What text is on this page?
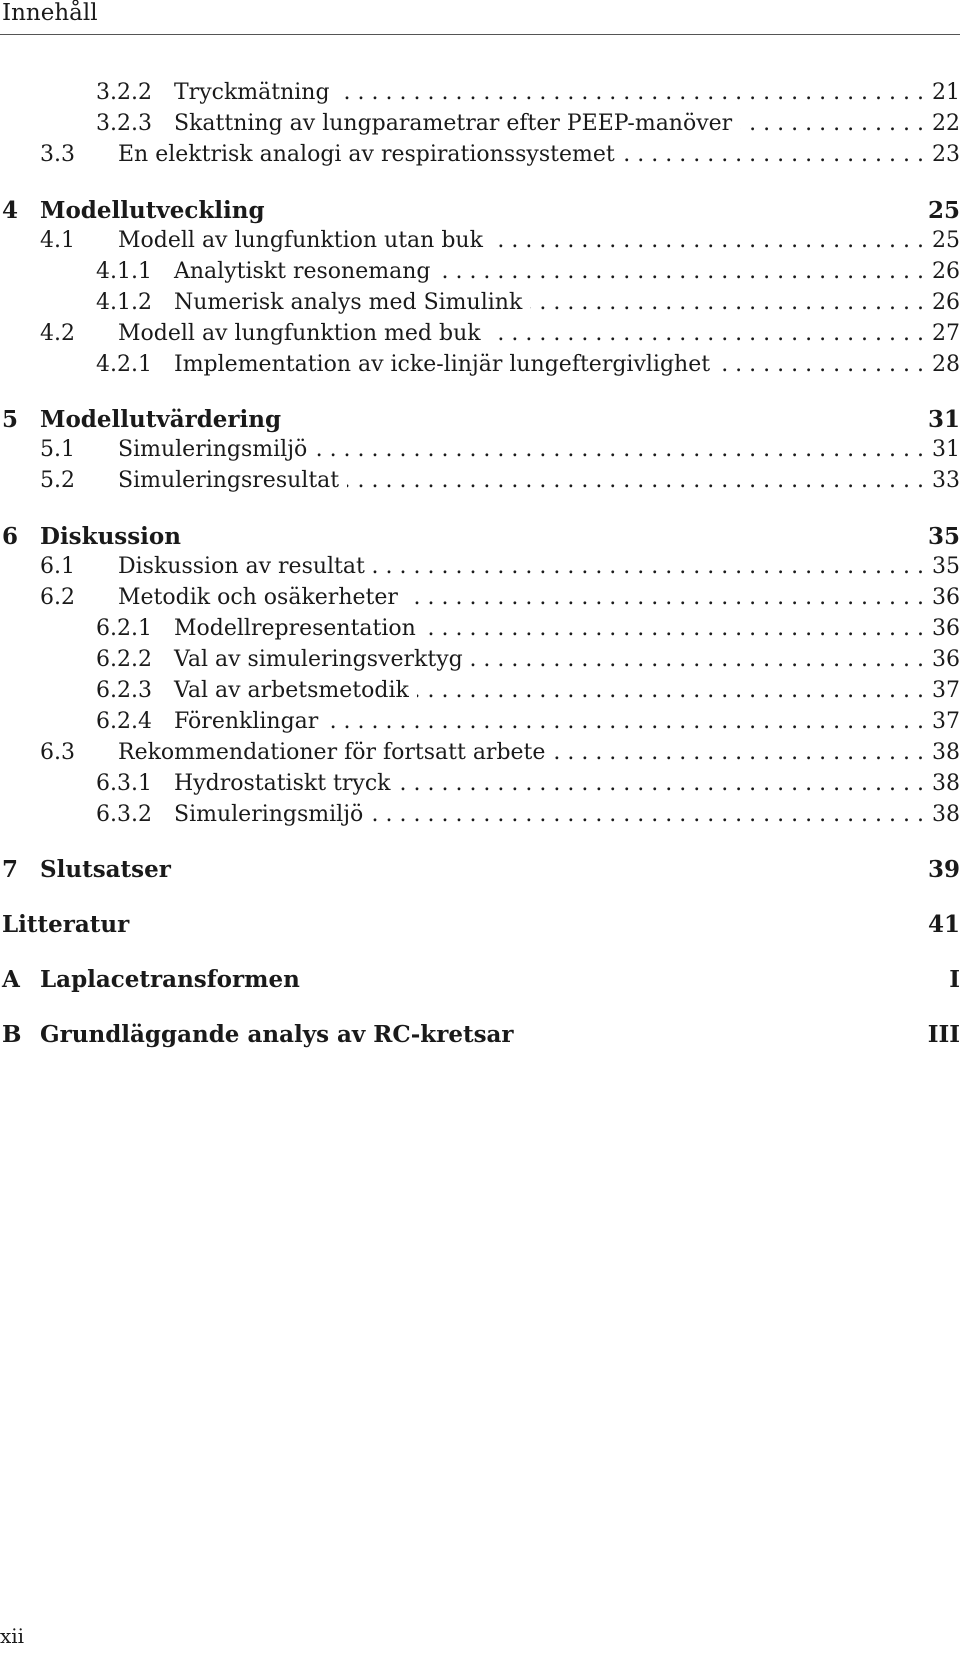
Innehåll
3.2.2	Tryckmätning . . .	21
3.2.3	Skattning av lungparametrar efter PEEP-manöver . . .	22
3.3	En elektrisk analogi av respirationssystemet . . .	23
4 Modellutveckling	25
4.1	Modell av lungfunktion utan buk . . .	25
4.1.1	Analytiskt resonemang . . .	26
4.1.2	Numerisk analys med Simulink . . .	26
4.2	Modell av lungfunktion med buk . . .	27
4.2.1	Implementation av icke-linjär lungeftergivlighet . . .	28
5 Modellutvärdering	31
5.1	Simuleringsmiljö . . .	31
5.2	Simuleringsresultat . . .	33
6 Diskussion	35
6.1	Diskussion av resultat . . .	35
6.2	Metodik och osäkerheter . . .	36
6.2.1	Modellrepresentation . . .	36
6.2.2	Val av simuleringsverktyg . . .	36
6.2.3	Val av arbetsmetodik . . .	37
6.2.4	Förenklingar . . .	37
6.3	Rekommendationer för fortsatt arbete . . .	38
6.3.1	Hydrostatiskt tryck . . .	38
6.3.2	Simuleringsmiljö . . .	38
7 Slutsatser	39
Litteratur	41
A Laplacetransformen	I
B Grundläggande analys av RC-kretsar	III
xii
